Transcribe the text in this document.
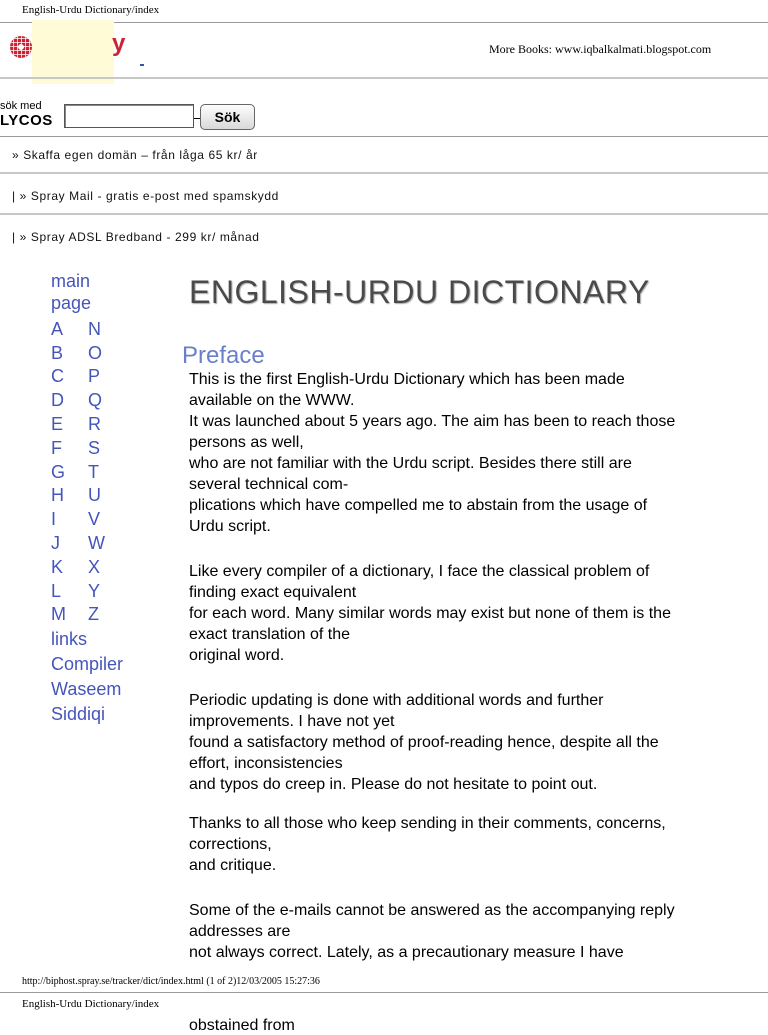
English-Urdu Dictionary/index
y	More Books: www.iqbalkalmati.blogspot.com
sök med
LYCOS	Sök
» Skaffa egen domän – från låga 65 kr/ år
| » Spray Mail - gratis e-post med spamskydd
| » Spray ADSL Bredband - 299 kr/ månad
main
page
A	N
B	O
C	P
D	Q
E	R
F	S
G	T
H	U
I	V
J	W
K	X
L	Y
M	Z
links
Compiler
Waseem
Siddiqi
ENGLISH-URDU DICTIONARY
Preface
This is the first English-Urdu Dictionary which has been made
available on the WWW.
It was launched about 5 years ago. The aim has been to reach those
persons as well,
who are not familiar with the Urdu script. Besides there still are
several technical com-
plications which have compelled me to abstain from the usage of
Urdu script.
Like every compiler of a dictionary, I face the classical problem of
finding exact equivalent
for each word. Many similar words may exist but none of them is the
exact translation of the
original word.
Periodic updating is done with additional words and further
improvements. I have not yet
found a satisfactory method of proof-reading hence, despite all the
effort, inconsistencies
and typos do creep in. Please do not hesitate to point out.
Thanks to all those who keep sending in their comments, concerns,
corrections,
and critique.
Some of the e-mails cannot be answered as the accompanying reply
addresses are
not always correct. Lately, as a precautionary measure I have
http://biphost.spray.se/tracker/dict/index.html (1 of 2)12/03/2005 15:27:36
English-Urdu Dictionary/index
obstained from
